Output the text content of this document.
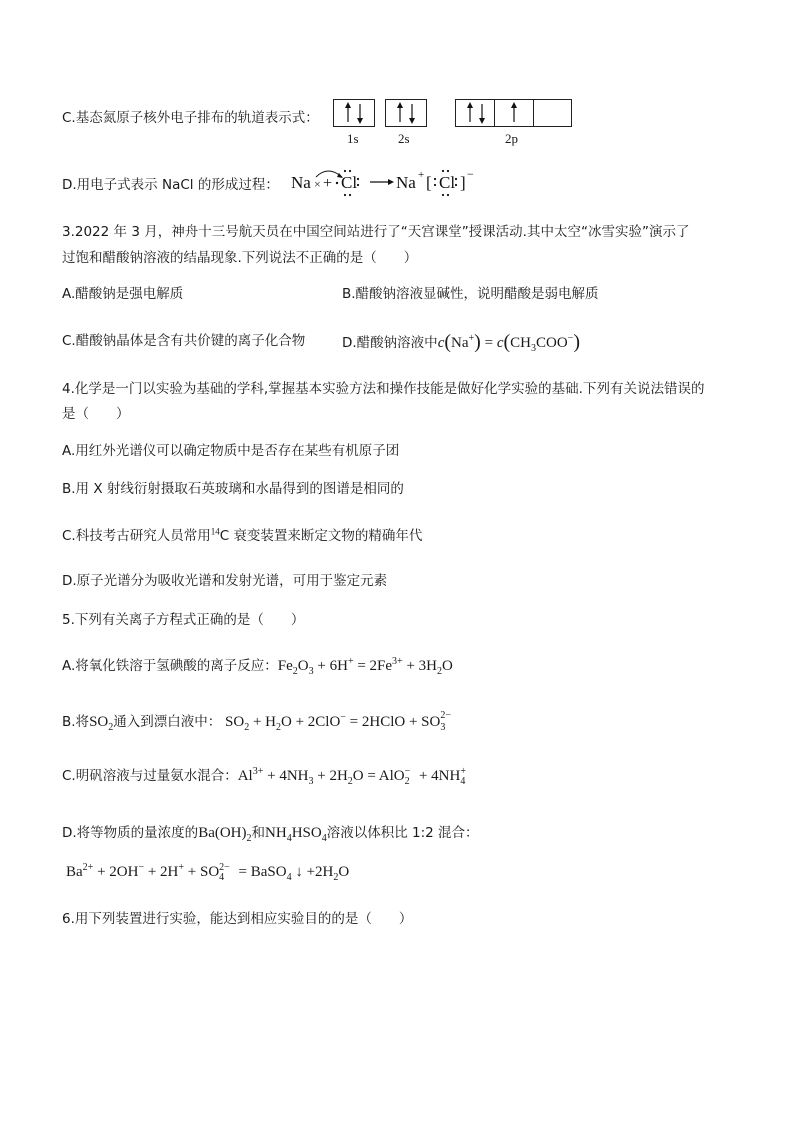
C.基态氮原子核外电子排布的轨道表示式：
1s	2s	2p
D.用电子式表示 NaCl 的形成过程： Na × + Cl Na + [ Cl ] −
3.2022 年 3 月，神舟十三号航天员在中国空间站进行了“天宫课堂”授课活动.其中太空“冰雪实验”演示了
过饱和醋酸钠溶液的结晶现象.下列说法不正确的是（　　）
A.醋酸钠是强电解质	B.醋酸钠溶液显碱性，说明醋酸是弱电解质
C.醋酸钠晶体是含有共价键的离子化合物	D.醋酸钠溶液中$c(Na^+) = c(CH_3COO^-)$
4.化学是一门以实验为基础的学科,掌握基本实验方法和操作技能是做好化学实验的基础.下列有关说法错误的
是（　　）
A.用红外光谱仪可以确定物质中是否存在某些有机原子团
B.用 X 射线衍射摄取石英玻璃和水晶得到的图谱是相同的
C.科技考古研究人员常用$^{14}$C 衰变装置来断定文物的精确年代
D.原子光谱分为吸收光谱和发射光谱，可用于鉴定元素
5.下列有关离子方程式正确的是（　　）
A.将氧化铁溶于氢碘酸的离子反应：$Fe_2O_3 + 6H^+ = 2Fe^{3+} + 3H_2O$
B.将$SO_2$通入到漂白液中： $SO_2 + H_2O + 2ClO^-$ = 2HClO + $SO_3^{2-}$
C.明矾溶液与过量氨水混合：$Al^{3+} + 4NH_3 + 2H_2O = AlO_2^- + 4NH_4^+$
D.将等物质的量浓度的$Ba(OH)_2$和$NH_4HSO_4$溶液以体积比 1:2 混合：
$Ba^{2+} + 2OH^- + 2H^+ + SO_4^{2-}$ = BaSO$_4$ ↓ $+2H_2O$
6.用下列装置进行实验，能达到相应实验目的的是（　　）
